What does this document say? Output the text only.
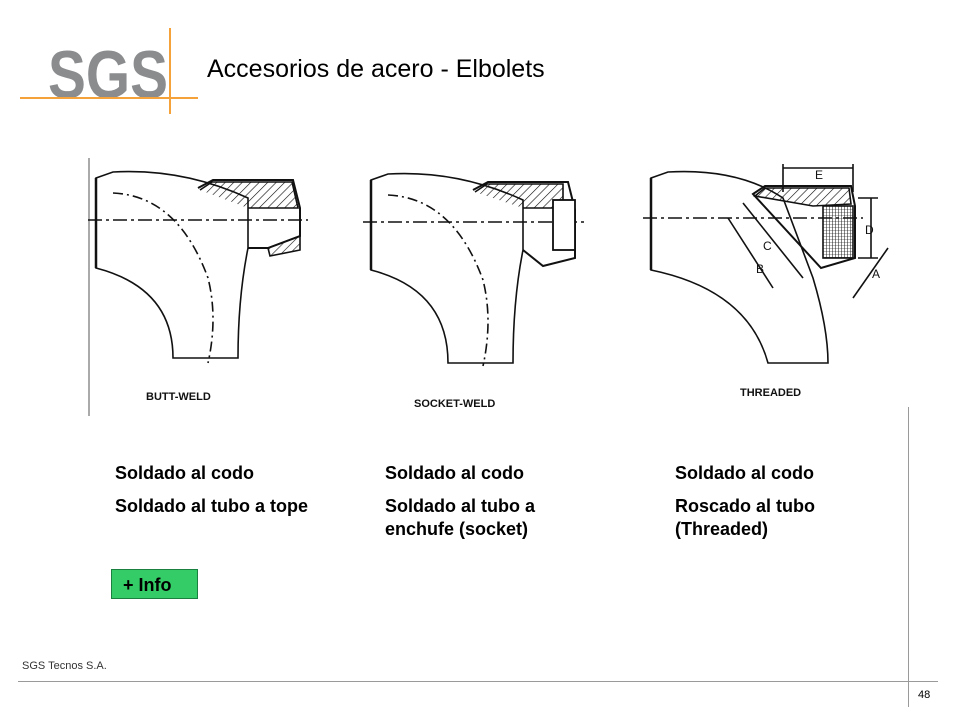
SGS Accesorios de acero - Elbolets
E
D
C
B	A
BUTT-WELD
SOCKET-WELD
THREADED
Soldado al codo
Soldado al tubo a tope
Soldado al codo
Soldado al tubo a enchufe (socket)
Soldado al codo
Roscado al tubo (Threaded)
+ Info
SGS Tecnos S.A.
48
